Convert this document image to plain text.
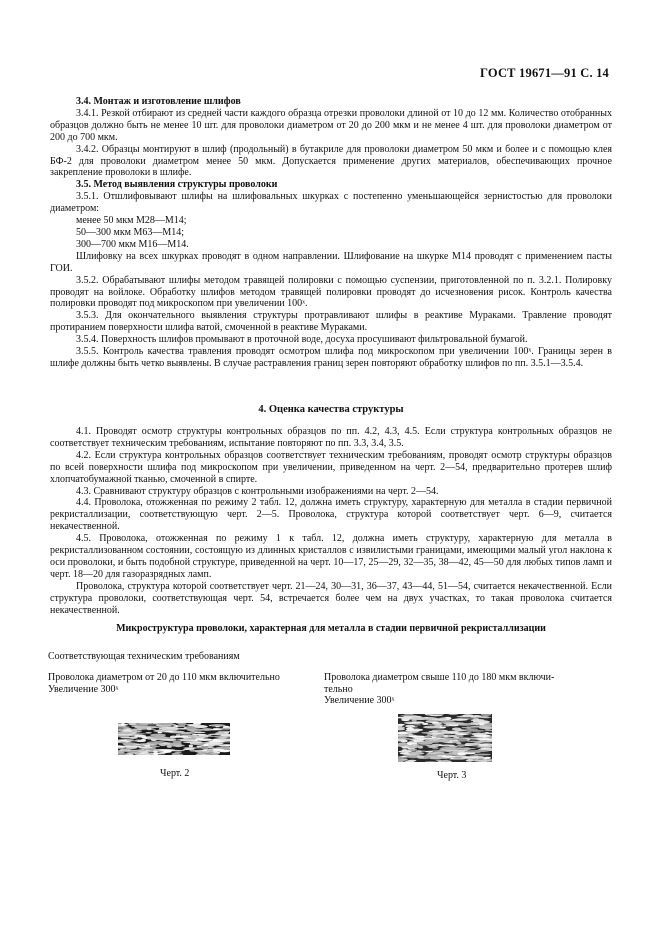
ГОСТ 19671—91 С. 14

3.4. Монтаж и изготовление шлифов

3.4.1. Резкой отбирают из средней части каждого образца отрезки проволоки длиной от 10 до 12 мм. Количество отобранных образцов должно быть не менее 10 шт. для проволоки диаметром от 20 до 200 мкм и не менее 4 шт. для проволоки диаметром от 200 до 700 мкм.

3.4.2. Образцы монтируют в шлиф (продольный) в бутакриле для проволоки диаметром 50 мкм и более и с помощью клея БФ-2 для проволоки диаметром менее 50 мкм. Допускается применение других материалов, обеспечивающих прочное закрепление проволоки в шлифе.

3.5. Метод выявления структуры проволоки

3.5.1. Отшлифовывают шлифы на шлифовальных шкурках с постепенно уменьшающейся зернистостью для проволоки диаметром:

менее 50 мкм М28—М14;

50—300 мкм М63—М14;

300—700 мкм М16—М14.

Шлифовку на всех шкурках проводят в одном направлении. Шлифование на шкурке М14 проводят с применением пасты ГОИ.

3.5.2. Обрабатывают шлифы методом травящей полировки с помощью суспензии, приготовленной по п. 3.2.1. Полировку проводят на войлоке. Обработку шлифов методом травящей полировки проводят до исчезновения рисок. Контроль качества полировки проводят под микроскопом при увеличении 100ˣ.

3.5.3. Для окончательного выявления структуры протравливают шлифы в реактиве Мураками. Травление проводят протиранием поверхности шлифа ватой, смоченной в реактиве Мураками.

3.5.4. Поверхность шлифов промывают в проточной воде, досуха просушивают фильтровальной бумагой.

3.5.5. Контроль качества травления проводят осмотром шлифа под микроскопом при увеличении 100ˣ. Границы зерен в шлифе должны быть четко выявлены. В случае растравления границ зерен повторяют обработку шлифов по пп. 3.5.1—3.5.4.

4. Оценка качества структуры

4.1. Проводят осмотр структуры контрольных образцов по пп. 4.2, 4.3, 4.5. Если структура контрольных образцов не соответствует техническим требованиям, испытание повторяют по пп. 3.3, 3.4, 3.5.

4.2. Если структура контрольных образцов соответствует техническим требованиям, проводят осмотр структуры образцов по всей поверхности шлифа под микроскопом при увеличении, приведенном на черт. 2—54, предварительно протерев шлиф хлопчатобумажной тканью, смоченной в спирте.

4.3. Сравнивают структуру образцов с контрольными изображениями на черт. 2—54.

4.4. Проволока, отожженная по режиму 2 табл. 12, должна иметь структуру, характерную для металла в стадии первичной рекристаллизации, соответствующую черт. 2—5. Проволока, структура которой соответствует черт. 6—9, считается некачественной.

4.5. Проволока, отожженная по режиму 1 к табл. 12, должна иметь структуру, характерную для металла в рекристаллизованном состоянии, состоящую из длинных кристаллов с извилистыми границами, имеющими малый угол наклона к оси проволоки, и быть подобной структуре, приведенной на черт. 10—17, 25—29, 32—35, 38—42, 45—50 для любых типов ламп и черт. 18—20 для газоразрядных ламп.

Проволока, структура которой соответствует черт. 21—24, 30—31, 36—37, 43—44, 51—54, считается некачественной. Если структура проволоки, соответствующая черт. 54, встречается более чем на двух участках, то такая проволока считается некачественной.

Микроструктура проволоки, характерная для металла в стадии первичной рекристаллизации
Соответствующая техническим требованиям
Проволока диаметром от 20 до 110 мкм включительно
Увеличение 300ˣ
Проволока диаметром свыше 110 до 180 мкм включи-
тельно
Увеличение 300ˣ
Черт. 2	Черт. 3
